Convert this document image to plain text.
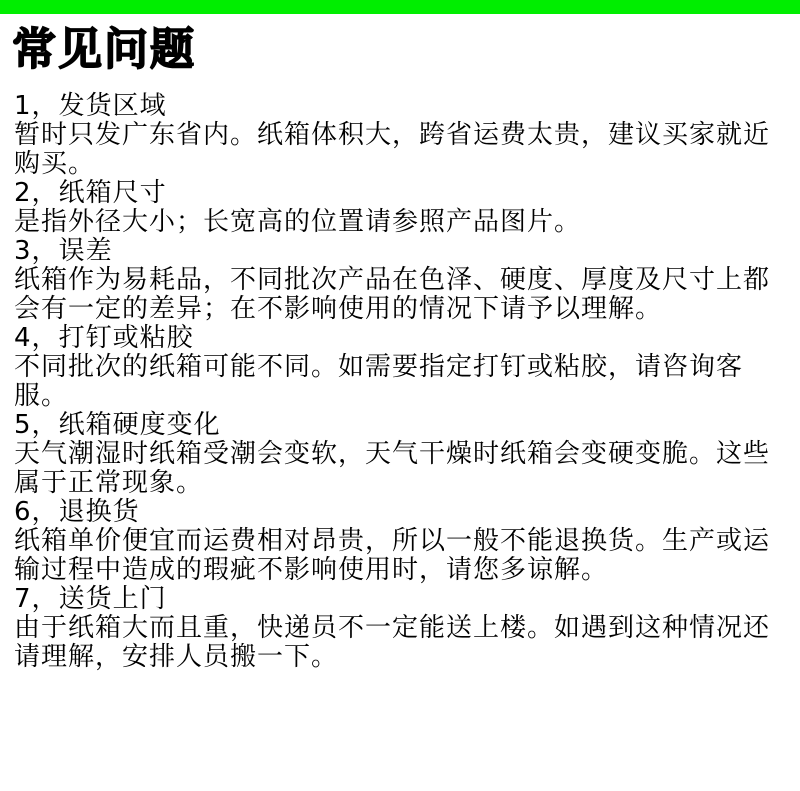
常见问题

1，发货区域

暂时只发广东省内。纸箱体积大，跨省运费太贵，建议买家就近购买。

2，纸箱尺寸

是指外径大小；长宽高的位置请参照产品图片。

3，误差

纸箱作为易耗品，不同批次产品在色泽、硬度、厚度及尺寸上都会有一定的差异；在不影响使用的情况下请予以理解。

4，打钉或粘胶

不同批次的纸箱可能不同。如需要指定打钉或粘胶，请咨询客服。

5，纸箱硬度变化

天气潮湿时纸箱受潮会变软，天气干燥时纸箱会变硬变脆。这些属于正常现象。

6，退换货

纸箱单价便宜而运费相对昂贵，所以一般不能退换货。生产或运输过程中造成的瑕疵不影响使用时，请您多谅解。

7，送货上门

由于纸箱大而且重，快递员不一定能送上楼。如遇到这种情况还请理解，安排人员搬一下。
